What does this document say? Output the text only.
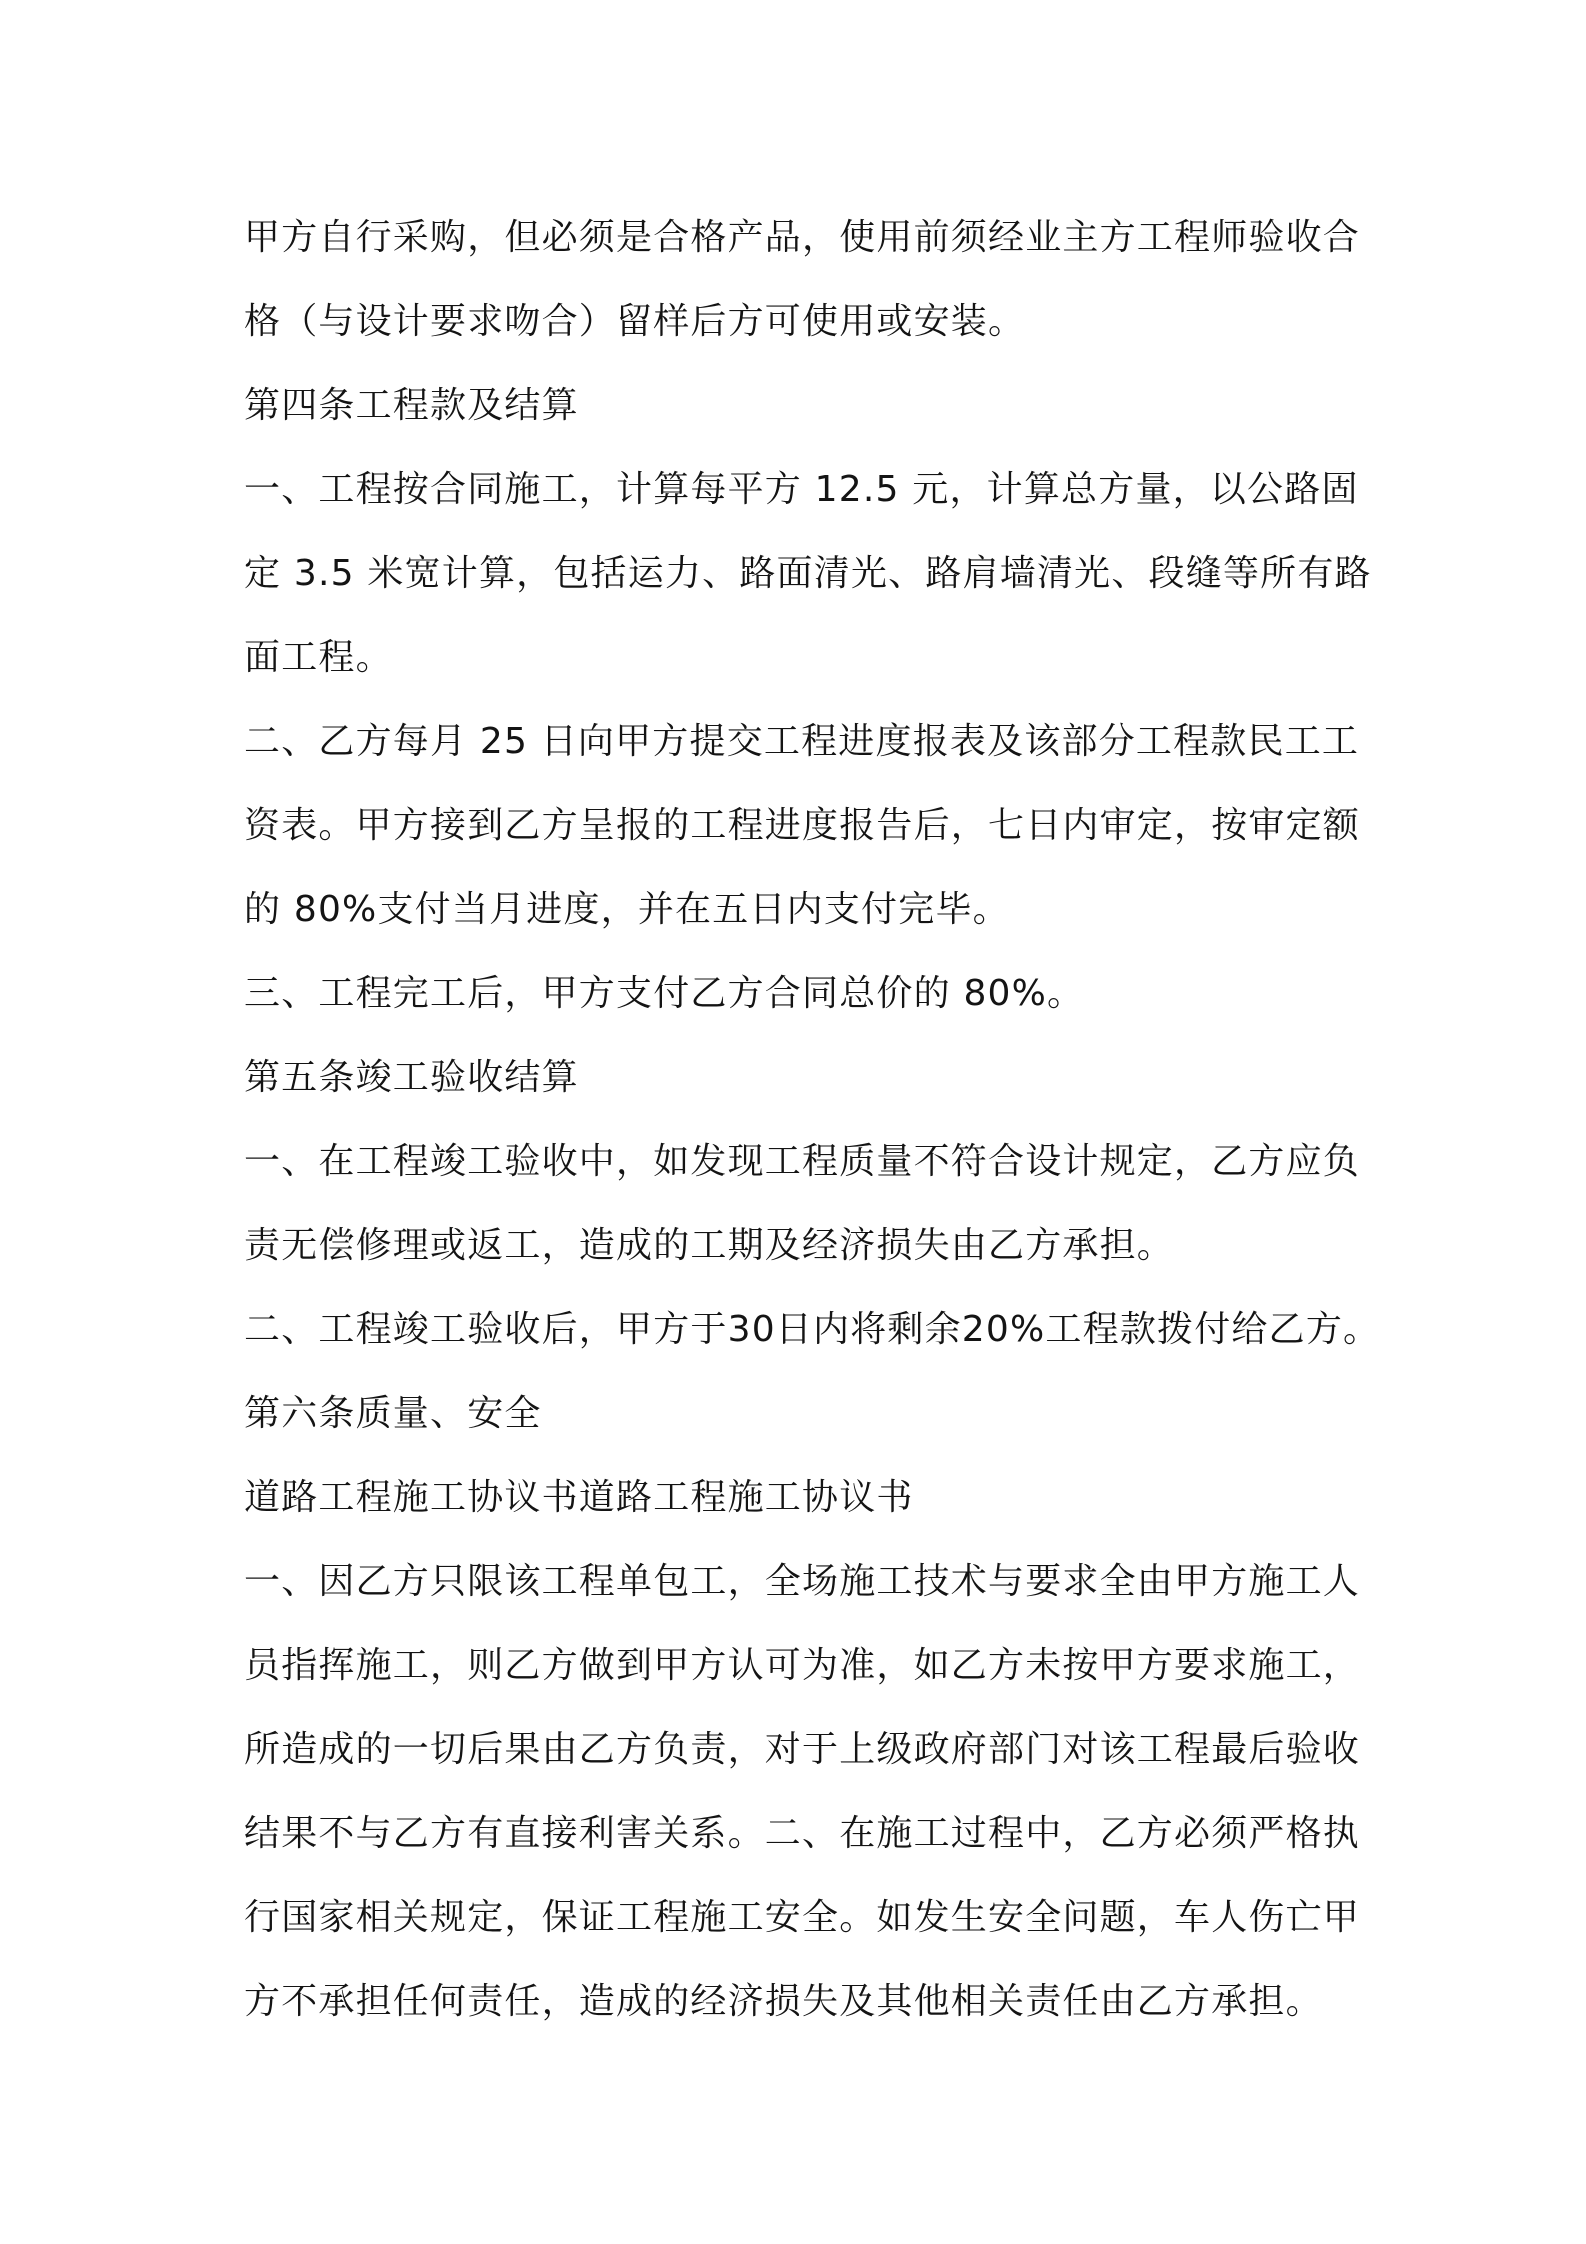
甲方自行采购，但必须是合格产品，使用前须经业主方工程师验收合
格（与设计要求吻合）留样后方可使用或安装。
第四条工程款及结算
一、工程按合同施工，计算每平方 12.5 元，计算总方量，以公路固
定 3.5 米宽计算，包括运力、路面清光、路肩墙清光、段缝等所有路
面工程。
二、乙方每月 25 日向甲方提交工程进度报表及该部分工程款民工工
资表。甲方接到乙方呈报的工程进度报告后，七日内审定，按审定额
的 80%支付当月进度，并在五日内支付完毕。
三、工程完工后，甲方支付乙方合同总价的 80%。
第五条竣工验收结算
一、在工程竣工验收中，如发现工程质量不符合设计规定，乙方应负
责无偿修理或返工，造成的工期及经济损失由乙方承担。
二、工程竣工验收后，甲方于30日内将剩余20%工程款拨付给乙方。
第六条质量、安全
道路工程施工协议书道路工程施工协议书
一、因乙方只限该工程单包工，全场施工技术与要求全由甲方施工人
员指挥施工，则乙方做到甲方认可为准，如乙方未按甲方要求施工，
所造成的一切后果由乙方负责，对于上级政府部门对该工程最后验收
结果不与乙方有直接利害关系。二、在施工过程中，乙方必须严格执
行国家相关规定，保证工程施工安全。如发生安全问题，车人伤亡甲
方不承担任何责任，造成的经济损失及其他相关责任由乙方承担。
